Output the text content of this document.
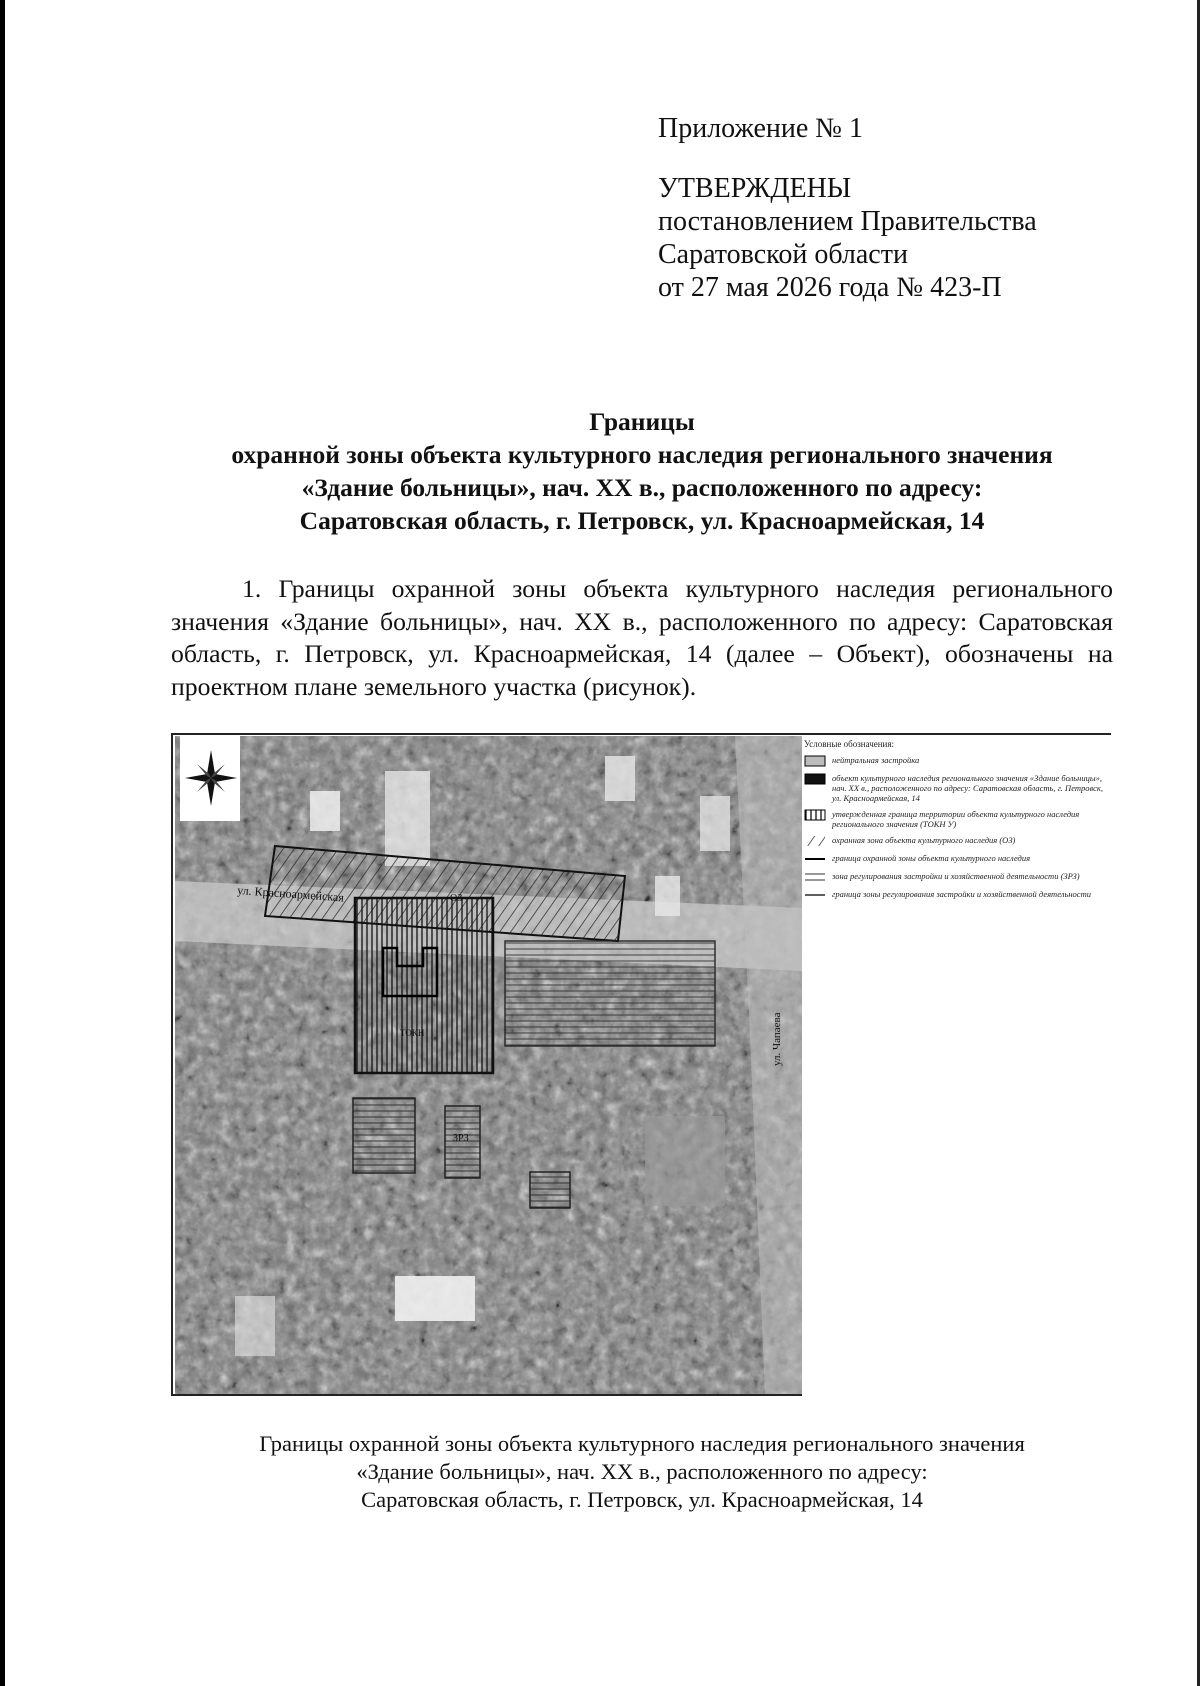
Приложение № 1
УТВЕРЖДЕНЫ
постановлением Правительства
Саратовской области
от 27 мая 2026 года № 423-П
Границы
охранной зоны объекта культурного наследия регионального значения
«Здание больницы», нач. XX в., расположенного по адресу:
Саратовская область, г. Петровск, ул. Красноармейская, 14
1. Границы охранной зоны объекта культурного наследия регионального значения «Здание больницы», нач. XX в., расположенного по адресу: Саратовская область, г. Петровск, ул. Красноармейская, 14 (далее – Объект), обозначены на проектном плане земельного участка (рисунок).
ул. Красноармейская
ул. Чапаева
ОЗ
ТОКН
ЗРЗ
Условные обозначения:
нейтральная застройка
объект культурного наследия регионального значения «Здание больницы», нач. XX в., расположенного по адресу: Саратовская область, г. Петровск, ул. Красноармейская, 14
утвержденная граница территории объекта культурного наследия регионального значения (ТОКН У)
охранная зона объекта культурного наследия (ОЗ)
граница охранной зоны объекта культурного наследия
зона регулирования застройки и хозяйственной деятельности (ЗРЗ)
граница зоны регулирования застройки и хозяйственной деятельности
Границы охранной зоны объекта культурного наследия регионального значения
«Здание больницы», нач. XX в., расположенного по адресу:
Саратовская область, г. Петровск, ул. Красноармейская, 14
